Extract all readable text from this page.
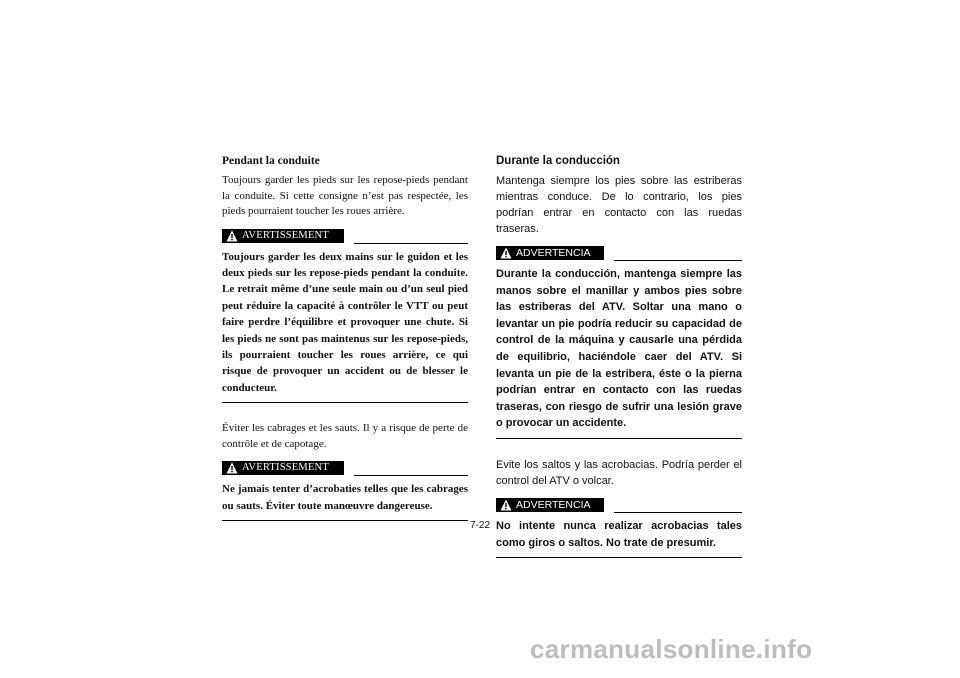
Pendant la conduite

Toujours garder les pieds sur les repose-pieds pendant la conduite. Si cette consigne n’est pas respectée, les pieds pourraient toucher les roues arrière.

AVERTISSEMENT

Toujours garder les deux mains sur le guidon et les deux pieds sur les repose-pieds pendant la conduite. Le retrait même d’une seule main ou d’un seul pied peut réduire la capacité à contrôler le VTT ou peut faire perdre l’équilibre et provoquer une chute. Si les pieds ne sont pas maintenus sur les repose-pieds, ils pourraient toucher les roues arrière, ce qui risque de provoquer un accident ou de blesser le conducteur.

Éviter les cabrages et les sauts. Il y a risque de perte de contrôle et de capotage.

AVERTISSEMENT

Ne jamais tenter d’acrobaties telles que les cabrages ou sauts. Éviter toute manœuvre dangereuse.

Durante la conducción

Mantenga siempre los pies sobre las estriberas mientras conduce. De lo contrario, los pies podrían entrar en contacto con las ruedas traseras.

ADVERTENCIA

Durante la conducción, mantenga siempre las manos sobre el manillar y ambos pies sobre las estriberas del ATV. Soltar una mano o levantar un pie podría reducir su capacidad de control de la máquina y causarle una pérdida de equilibrio, haciéndole caer del ATV. Si levanta un pie de la estribera, éste o la pierna podrían entrar en contacto con las ruedas traseras, con riesgo de sufrir una lesión grave o provocar un accidente.

Evite los saltos y las acrobacias. Podría perder el control del ATV o volcar.

ADVERTENCIA

No intente nunca realizar acrobacias tales como giros o saltos. No trate de presumir.

7-22
carmanualsonline.info
